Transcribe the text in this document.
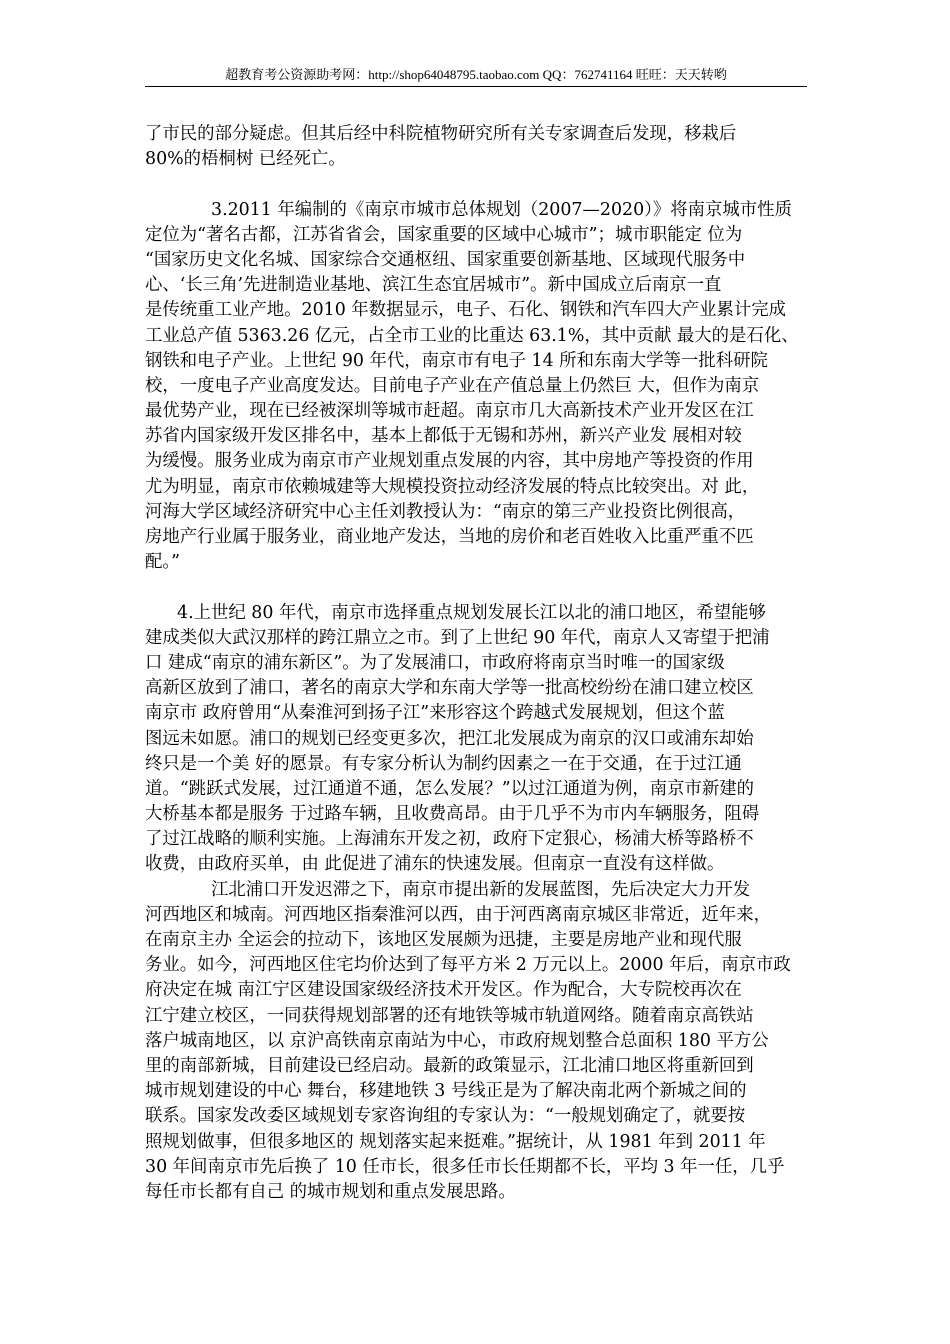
超教育考公资源助考网：http://shop64048795.taobao.com QQ：762741164 旺旺：天天转哟
了市民的部分疑虑。但其后经中科院植物研究所有关专家调查后发现，移栽后
80%的梧桐树 已经死亡。
3.2011 年编制的《南京市城市总体规划（2007—2020）》将南京城市性质
定位为“著名古都，江苏省省会，国家重要的区域中心城市”；城市职能定 位为
“国家历史文化名城、国家综合交通枢纽、国家重要创新基地、区域现代服务中
心、‘长三角’先进制造业基地、滨江生态宜居城市”。新中国成立后南京一直
是传统重工业产地。2010 年数据显示，电子、石化、钢铁和汽车四大产业累计完成
工业总产值 5363.26 亿元，占全市工业的比重达 63.1%，其中贡献 最大的是石化、
钢铁和电子产业。上世纪 90 年代，南京市有电子 14 所和东南大学等一批科研院
校，一度电子产业高度发达。目前电子产业在产值总量上仍然巨 大，但作为南京
最优势产业，现在已经被深圳等城市赶超。南京市几大高新技术产业开发区在江
苏省内国家级开发区排名中，基本上都低于无锡和苏州，新兴产业发 展相对较
为缓慢。服务业成为南京市产业规划重点发展的内容，其中房地产等投资的作用
尤为明显，南京市依赖城建等大规模投资拉动经济发展的特点比较突出。对 此，
河海大学区域经济研究中心主任刘教授认为：“南京的第三产业投资比例很高，
房地产行业属于服务业，商业地产发达，当地的房价和老百姓收入比重严重不匹
配。”
4.上世纪 80 年代，南京市选择重点规划发展长江以北的浦口地区，希望能够
建成类似大武汉那样的跨江鼎立之市。到了上世纪 90 年代，南京人又寄望于把浦
口 建成“南京的浦东新区”。为了发展浦口，市政府将南京当时唯一的国家级
高新区放到了浦口，著名的南京大学和东南大学等一批高校纷纷在浦口建立校区
南京市 政府曾用“从秦淮河到扬子江”来形容这个跨越式发展规划，但这个蓝
图远未如愿。浦口的规划已经变更多次，把江北发展成为南京的汉口或浦东却始
终只是一个美 好的愿景。有专家分析认为制约因素之一在于交通，在于过江通
道。“跳跃式发展，过江通道不通，怎么发展？”以过江通道为例，南京市新建的
大桥基本都是服务 于过路车辆，且收费高昂。由于几乎不为市内车辆服务，阻碍
了过江战略的顺利实施。上海浦东开发之初，政府下定狠心，杨浦大桥等路桥不
收费，由政府买单，由 此促进了浦东的快速发展。但南京一直没有这样做。
江北浦口开发迟滞之下，南京市提出新的发展蓝图，先后决定大力开发
河西地区和城南。河西地区指秦淮河以西，由于河西离南京城区非常近，近年来，
在南京主办 全运会的拉动下，该地区发展颇为迅捷，主要是房地产业和现代服
务业。如今，河西地区住宅均价达到了每平方米 2 万元以上。2000 年后，南京市政
府决定在城 南江宁区建设国家级经济技术开发区。作为配合，大专院校再次在
江宁建立校区，一同获得规划部署的还有地铁等城市轨道网络。随着南京高铁站
落户城南地区，以 京沪高铁南京南站为中心，市政府规划整合总面积 180 平方公
里的南部新城，目前建设已经启动。最新的政策显示，江北浦口地区将重新回到
城市规划建设的中心 舞台，移建地铁 3 号线正是为了解决南北两个新城之间的
联系。国家发改委区域规划专家咨询组的专家认为：“一般规划确定了，就要按
照规划做事，但很多地区的 规划落实起来挺难。”据统计，从 1981 年到 2011 年
30 年间南京市先后换了 10 任市长，很多任市长任期都不长，平均 3 年一任，几乎
每任市长都有自己 的城市规划和重点发展思路。
